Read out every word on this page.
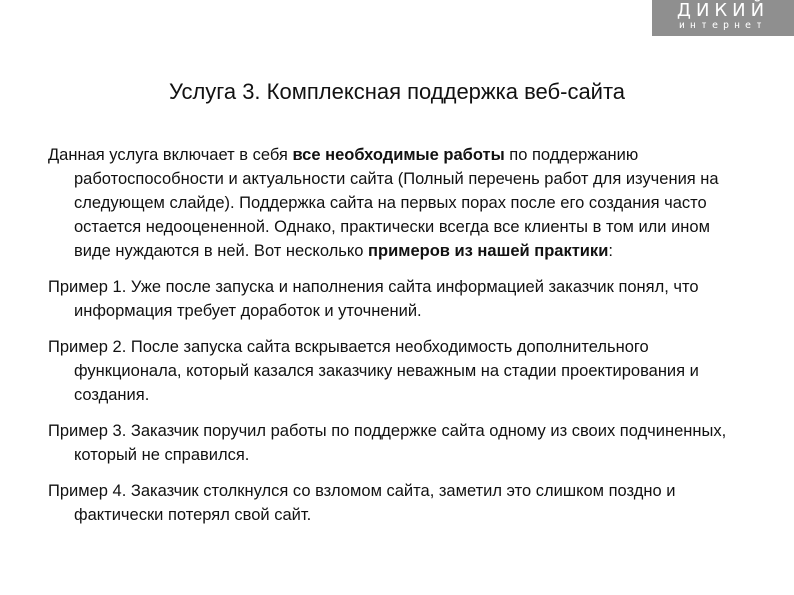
ДИКИЙ
интернет
Услуга 3. Комплексная поддержка веб-сайта

Данная услуга включает в себя все необходимые работы по поддержанию работоспособности и актуальности сайта (Полный перечень работ для изучения на следующем слайде). Поддержка сайта на первых порах после его создания часто остается недооцененной. Однако, практически всегда все клиенты в том или ином виде нуждаются в ней. Вот несколько примеров из нашей практики:

Пример 1. Уже после запуска и наполнения сайта информацией заказчик понял, что информация требует доработок и уточнений.

Пример 2. После запуска сайта вскрывается необходимость дополнительного функционала, который казался заказчику неважным на стадии проектирования и создания.

Пример 3. Заказчик поручил работы по поддержке сайта одному из своих подчиненных, который не справился.

Пример 4. Заказчик столкнулся со взломом сайта, заметил это слишком поздно и фактически потерял свой сайт.
